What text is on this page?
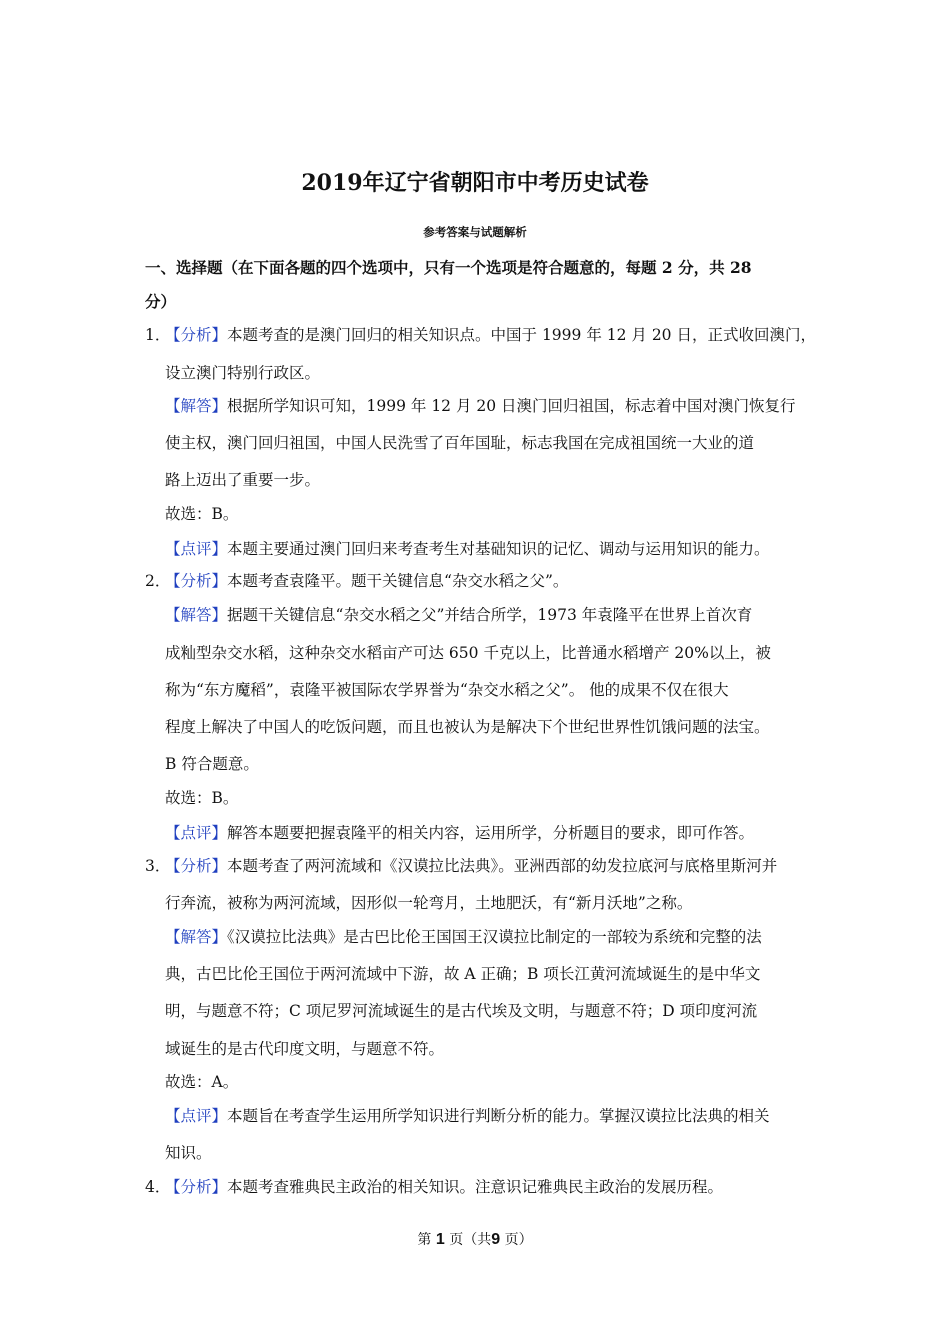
2019年辽宁省朝阳市中考历史试卷
参考答案与试题解析
一、选择题（在下面各题的四个选项中，只有一个选项是符合题意的，每题 2 分，共 28
分）
1．
【分析】本题考查的是澳门回归的相关知识点。中国于 1999 年 12 月 20 日，正式收回澳门，
设立澳门特别行政区。
【解答】根据所学知识可知，1999 年 12 月 20 日澳门回归祖国，标志着中国对澳门恢复行
使主权，澳门回归祖国，中国人民洗雪了百年国耻，标志我国在完成祖国统一大业的道
路上迈出了重要一步。
故选：B。
【点评】本题主要通过澳门回归来考查考生对基础知识的记忆、调动与运用知识的能力。
2．
【分析】本题考查袁隆平。题干关键信息“杂交水稻之父”。
【解答】据题干关键信息“杂交水稻之父”并结合所学，1973 年袁隆平在世界上首次育
成籼型杂交水稻，这种杂交水稻亩产可达 650 千克以上，比普通水稻增产 20%以上，被
称为“东方魔稻”，袁隆平被国际农学界誉为“杂交水稻之父”。 他的成果不仅在很大
程度上解决了中国人的吃饭问题，而且也被认为是解决下个世纪世界性饥饿问题的法宝。
B 符合题意。
故选：B。
【点评】解答本题要把握袁隆平的相关内容，运用所学，分析题目的要求，即可作答。
3．
【分析】本题考查了两河流域和《汉谟拉比法典》。亚洲西部的幼发拉底河与底格里斯河并
行奔流，被称为两河流域，因形似一轮弯月，土地肥沃，有“新月沃地”之称。
【解答】《汉谟拉比法典》是古巴比伦王国国王汉谟拉比制定的一部较为系统和完整的法
典，古巴比伦王国位于两河流域中下游，故 A 正确；B 项长江黄河流域诞生的是中华文
明，与题意不符；C 项尼罗河流域诞生的是古代埃及文明，与题意不符；D 项印度河流
域诞生的是古代印度文明，与题意不符。
故选：A。
【点评】本题旨在考查学生运用所学知识进行判断分析的能力。掌握汉谟拉比法典的相关
知识。
4．
【分析】本题考查雅典民主政治的相关知识。注意识记雅典民主政治的发展历程。
第 1 页（共9 页）
